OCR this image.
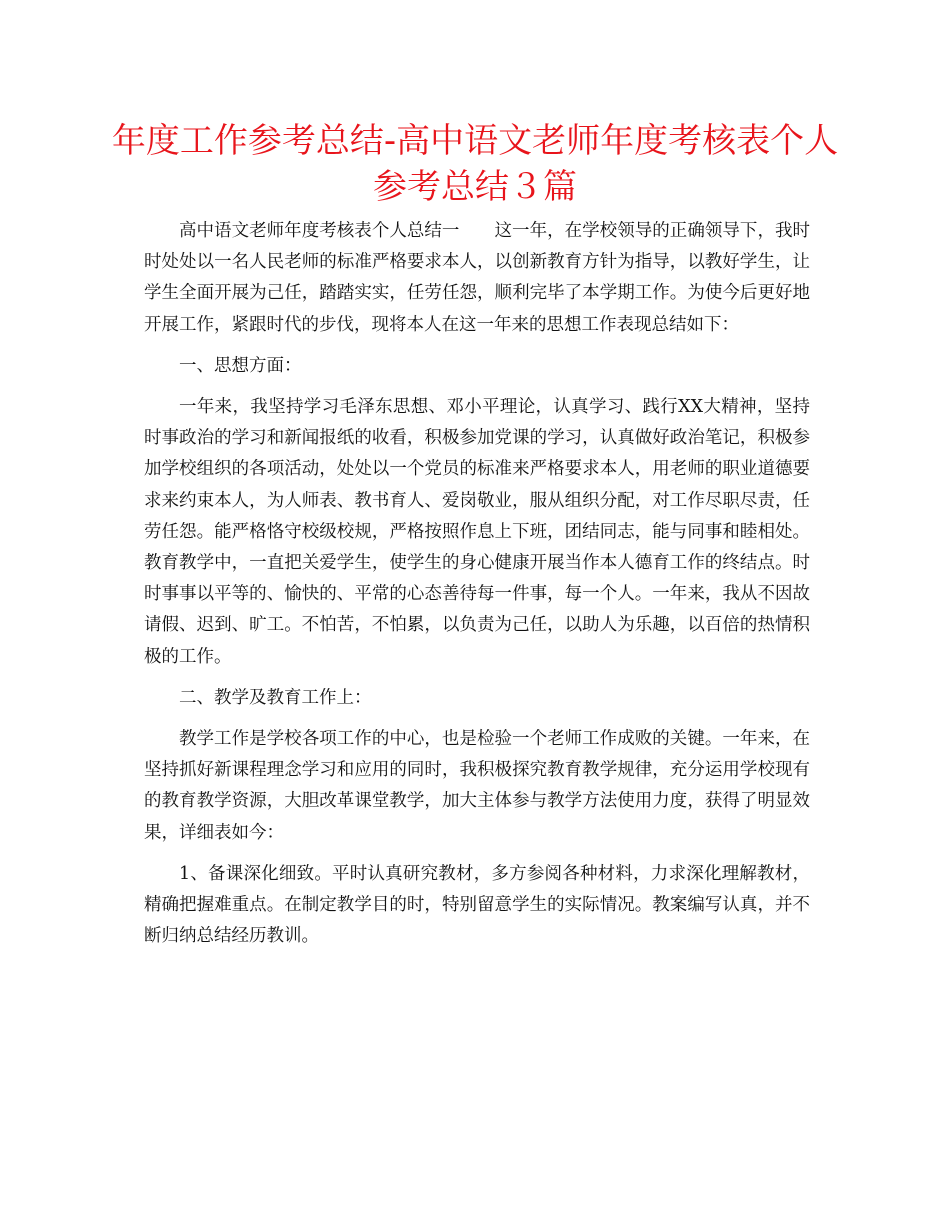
年度工作参考总结-高中语文老师年度考核表个人
参考总结３篇

高中语文老师年度考核表个人总结一　　这一年，在学校领导的正确领导下，我时时处处以一名人民老师的标准严格要求本人，以创新教育方针为指导，以教好学生，让学生全面开展为己任，踏踏实实，任劳任怨，顺利完毕了本学期工作。为使今后更好地开展工作，紧跟时代的步伐，现将本人在这一年来的思想工作表现总结如下：

一、思想方面：

一年来，我坚持学习毛泽东思想、邓小平理论，认真学习、践行XX大精神，坚持时事政治的学习和新闻报纸的收看，积极参加党课的学习，认真做好政治笔记，积极参加学校组织的各项活动，处处以一个党员的标准来严格要求本人，用老师的职业道德要求来约束本人，为人师表、教书育人、爱岗敬业，服从组织分配，对工作尽职尽责，任劳任怨。能严格恪守校级校规，严格按照作息上下班，团结同志，能与同事和睦相处。教育教学中，一直把关爱学生，使学生的身心健康开展当作本人德育工作的终结点。时时事事以平等的、愉快的、平常的心态善待每一件事，每一个人。一年来，我从不因故请假、迟到、旷工。不怕苦，不怕累，以负责为己任，以助人为乐趣，以百倍的热情积极的工作。

二、教学及教育工作上：

教学工作是学校各项工作的中心，也是检验一个老师工作成败的关键。一年来，在坚持抓好新课程理念学习和应用的同时，我积极探究教育教学规律，充分运用学校现有的教育教学资源，大胆改革课堂教学，加大主体参与教学方法使用力度，获得了明显效果，详细表如今：

1、备课深化细致。平时认真研究教材，多方参阅各种材料，力求深化理解教材，精确把握难重点。在制定教学目的时，特别留意学生的实际情况。教案编写认真，并不断归纳总结经历教训。
